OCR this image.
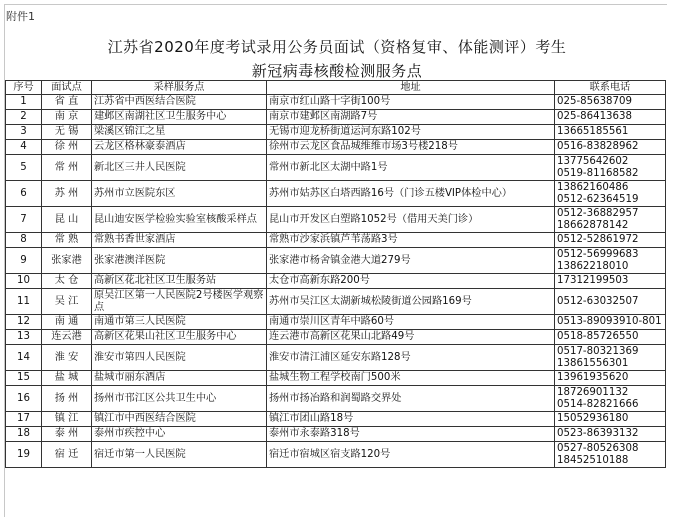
附件1
江苏省2020年度考试录用公务员面试（资格复审、体能测评）考生
新冠病毒核酸检测服务点
序号	面试点	采样服务点	地址	联系电话
1	省 直	江苏省中西医结合医院	南京市红山路十字街100号	025-85638709

2	南 京	建邺区南湖社区卫生服务中心	南京市建邺区南湖路7号	025-86413638

3	无 锡	梁溪区锦江之星	无锡市迎龙桥街道运河东路102号	13665185561

4	徐 州	云龙区格林豪泰酒店	徐州市云龙区食品城维维市场3号楼218号	0516-83828962

5	常 州	新北区三井人民医院	常州市新北区太湖中路1号	13775642602
0519-81168582

6	苏 州	苏州市立医院东区	苏州市姑苏区白塔西路16号（门诊五楼VIP体检中心）	13862160486
0512-62364519

7	昆 山	昆山迪安医学检验实验室核酸采样点	昆山市开发区白塑路1052号（借用天美门诊）	0512-36882957
18662878142

8	常 熟	常熟书香世家酒店	常熟市沙家浜镇芦苇荡路3号	0512-52861972

9	张家港	张家港澳洋医院	张家港市杨舍镇金港大道279号	0512-56999683
13862218010

10	太 仓	高新区花北社区卫生服务站	太仓市高新东路200号	17312199503

11	吴 江	原吴江区第一人民医院2号楼医学观察点	苏州市吴江区太湖新城松陵街道公园路169号	0512-63032507

12	南 通	南通市第三人民医院	南通市崇川区青年中路60号	0513-89093910-801

13	连云港	高新区花果山社区卫生服务中心	连云港市高新区花果山北路49号	0518-85726550

14	淮 安	淮安市第四人民医院	淮安市清江浦区延安东路128号	0517-80321369
13861556301

15	盐 城	盐城市丽东酒店	盐城生物工程学校南门500米	13961935620

16	扬 州	扬州市邗江区公共卫生中心	扬州市扬冶路和润蜀路交界处	18726901132
0514-82821666

17	镇 江	镇江市中西医结合医院	镇江市团山路18号	15052936180

18	泰 州	泰州市疾控中心	泰州市永泰路318号	0523-86393132

19	宿 迁	宿迁市第一人民医院	宿迁市宿城区宿支路120号	0527-80526308
18452510188
